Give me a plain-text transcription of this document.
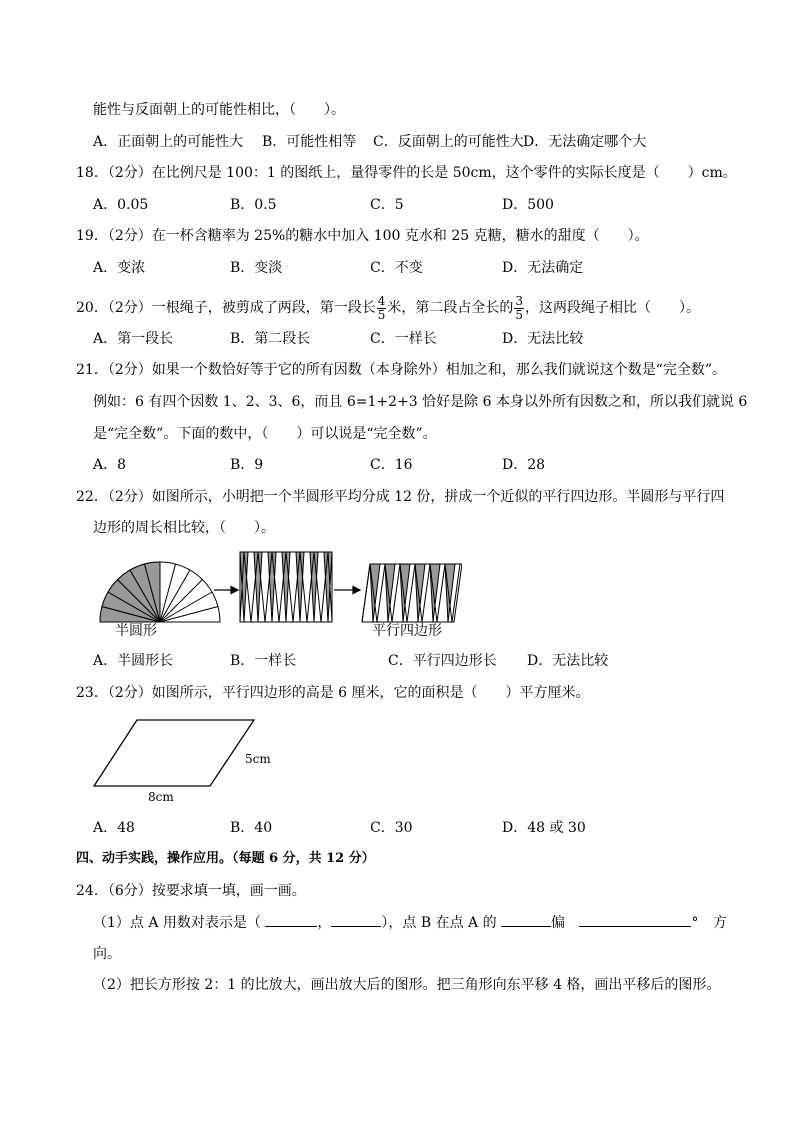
能性与反面朝上的可能性相比，（　　）。
A．正面朝上的可能性大 B．可能性相等 C．反面朝上的可能性大 D．无法确定哪个大
18．（2分）在比例尺是 100：1 的图纸上，量得零件的长是 50cm，这个零件的实际长度是（　　）cm。
A．0.05	B．0.5	C．5	D．500
19．（2分）在一杯含糖率为 25%的糖水中加入 100 克水和 25 克糖，糖水的甜度（　　）。
A．变浓	B．变淡	C．不变	D．无法确定
20．（2分）一根绳子，被剪成了两段，第一段长 $\frac{4}{5}$ 米，第二段占全长的 $\frac{3}{5}$ ，这两段绳子相比（　　）。
A．第一段长	B．第二段长	C．一样长	D．无法比较
21．（2分）如果一个数恰好等于它的所有因数（本身除外）相加之和，那么我们就说这个数是“完全数”。
例如：6 有四个因数 1、2、3、6，而且 6=1+2+3 恰好是除 6 本身以外所有因数之和，所以我们就说 6
是“完全数”。下面的数中，（　　）可以说是“完全数”。
A．8	B．9	C．16	D．28
22．（2分）如图所示，小明把一个半圆形平均分成 12 份，拼成一个近似的平行四边形。半圆形与平行四
边形的周长相比较，（　　）。
半圆形	平行四边形
A．半圆形长	B．一样长	C．平行四边形长 D．无法比较
23．（2分）如图所示，平行四边形的高是 6 厘米，它的面积是（　　）平方厘米。
5cm
8cm
A．48	B．40	C．30	D．48 或 30
四、动手实践，操作应用。（每题 6 分，共 12 分）
24．（6分）按要求填一填，画一画。
（1）点 A 用数对表示是（	，	），点 B 在点 A 的	偏	° 方
向。
（2）把长方形按 2：1 的比放大，画出放大后的图形。把三角形向东平移 4 格，画出平移后的图形。
